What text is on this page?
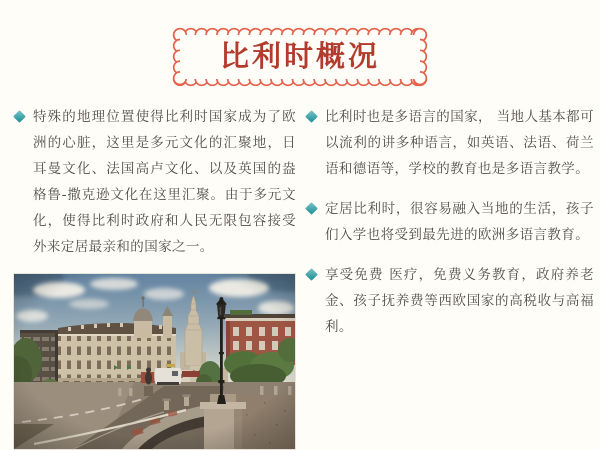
比利时概况

特殊的地理位置使得比利时国家成为了欧洲的心脏，这里是多元文化的汇聚地，日耳曼文化、法国高卢文化、以及英国的盎格鲁-撒克逊文化在这里汇聚。由于多元文化，使得比利时政府和人民无限包容接受外来定居最亲和的国家之一。

比利时也是多语言的国家， 当地人基本都可以流利的讲多种语言，如英语、法语、荷兰语和德语等，学校的教育也是多语言教学。

定居比利时，很容易融入当地的生活，孩子们入学也将受到最先进的欧洲多语言教育。

享受免费 医疗，免费义务教育，政府养老金、孩子抚养费等西欧国家的高税收与高福利。
